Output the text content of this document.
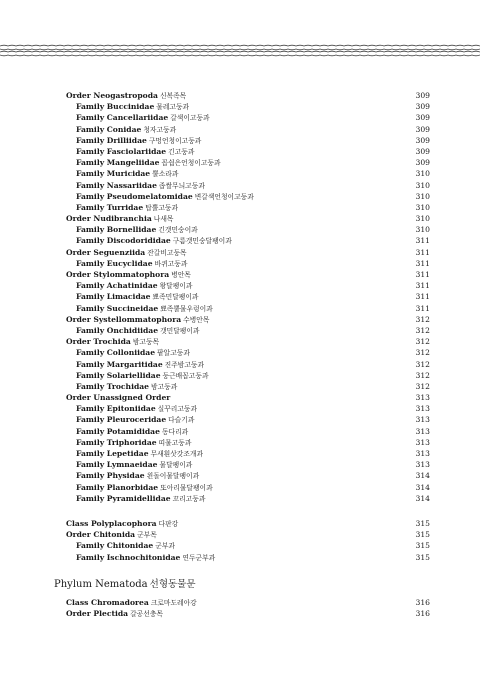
Order Neogastropoda 신복족목	309
Family Buccinidae 물레고둥과	309
Family Cancellariidae 갈색이고둥과	309
Family Conidae 청자고둥과	309
Family Drilliidae 구멍언청이고둥과	309
Family Fasciolariidae 긴고둥과	309
Family Mangeliidae 꼽쉽은언청이고둥과	309
Family Muricidae 뿔소라과	310
Family Nassariidae 좁쌀무늬고둥과	310
Family Pseudomelatomidae 변갈색언청이고둥과	310
Family Turridae 탑뿔고둥과	310
Order Nudibranchia 나새목	310
Family Bornellidae 긴갯민숭이과	310
Family Discodorididae 구름갯민숭달팽이과	311
Order Seguenziida 잔갈비고둥목	311
Family Eucyclidae 바퀴고둥과	311
Order Stylommatophora 병안목	311
Family Achatinidae 왕달팽이과	311
Family Limacidae 뾰족민달팽이과	311
Family Succineidae 뾰족뿔물우렁이과	311
Order Systellommatophora 수병안목	312
Family Onchidiidae 갯민달팽이과	312
Order Trochida 밤고둥목	312
Family Colloniidae 팥알고둥과	312
Family Margaritidae 진주밤고둥과	312
Family Solariellidae 둥근배꼽고둥과	312
Family Trochidae 밤고둥과	312
Order Unassigned Order	313
Family Epitoniidae 실꾸리고둥과	313
Family Pleuroceridae 다슬기과	313
Family Potamididae 동다리과	313
Family Triphoridae 띠물고둥과	313
Family Lepetidae 무새흰삿갓조개과	313
Family Lymnaeidae 물달팽이과	313
Family Physidae 왼돌이물달팽이과	314
Family Planorbidae 또아리물달팽이과	314
Family Pyramidellidae 꼬리고둥과	314
Class Polyplacophora 다판강	315
Order Chitonida 군부목	315
Family Chitonidae 군부과	315
Family Ischnochitonidae 연두군부과	315
Phylum Nematoda 선형동물문
Class Chromadorea 크로마도레아강	316
Order Plectida 갈공선충목	316
